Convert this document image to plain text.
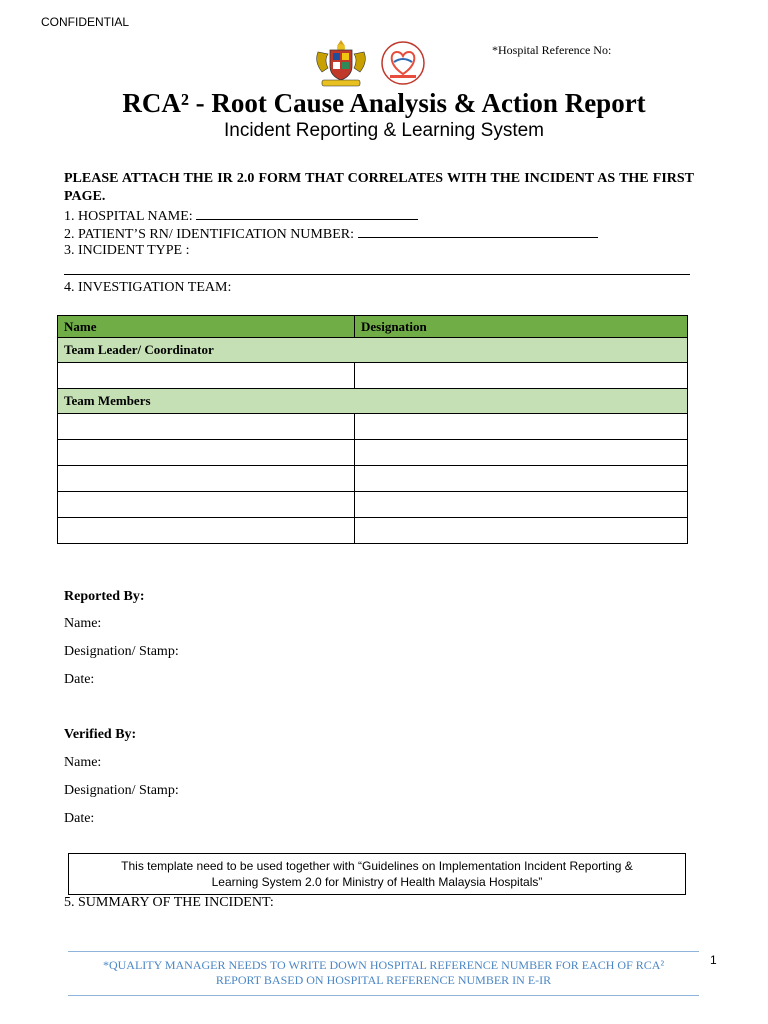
CONFIDENTIAL
*Hospital Reference No:
RCA² - Root Cause Analysis & Action Report
Incident Reporting & Learning System
PLEASE ATTACH THE IR 2.0 FORM THAT CORRELATES WITH THE INCIDENT AS THE FIRST PAGE.
1. HOSPITAL NAME:
2. PATIENT’S RN/ IDENTIFICATION NUMBER:
3. INCIDENT TYPE :
4. INVESTIGATION TEAM:
Name	Designation
Team Leader/ Coordinator	

Team Members	

Reported By:
Name:
Designation/ Stamp:
Date:
Verified By:
Name:
Designation/ Stamp:
Date:
5. SUMMARY OF THE INCIDENT:
This template need to be used together with “Guidelines on Implementation Incident Reporting &
Learning System 2.0 for Ministry of Health Malaysia Hospitals”
*QUALITY MANAGER NEEDS TO WRITE DOWN HOSPITAL REFERENCE NUMBER FOR EACH OF RCA²
REPORT BASED ON HOSPITAL REFERENCE NUMBER IN E-IR
1
